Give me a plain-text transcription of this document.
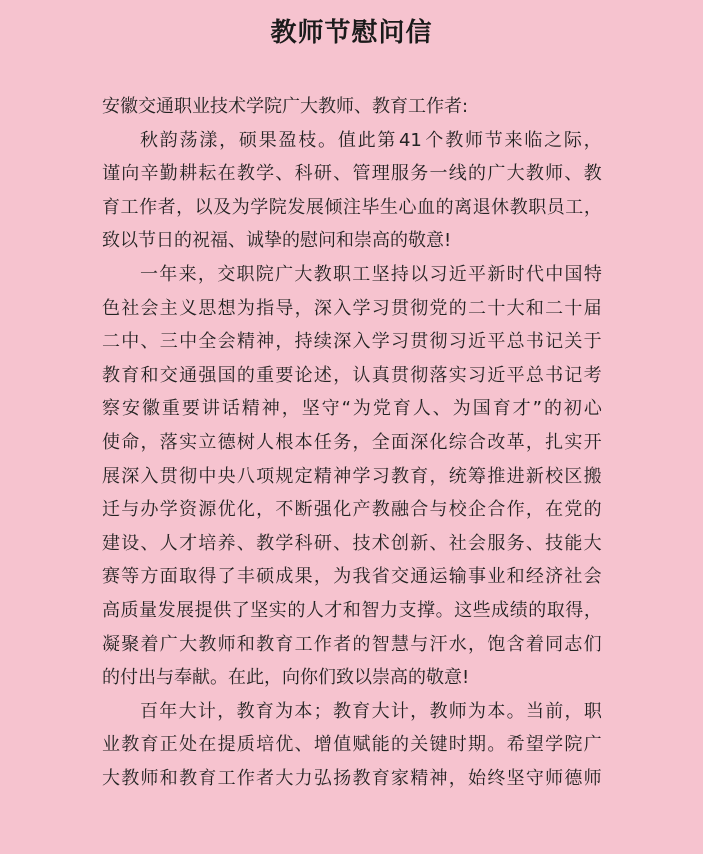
教师节慰问信
安徽交通职业技术学院广大教师、教育工作者:
秋 韵 荡 漾 ， 硕 果 盈 枝 。 值 此 第 41 个 教 师 节 来 临 之 际 ，
谨 向 辛 勤 耕 耘 在 教 学 、 科 研 、 管 理 服 务 一 线 的 广 大 教 师 、 教
育 工 作 者 ， 以 及 为 学 院 发 展 倾 注 毕 生 心 血 的 离 退 休 教 职 员 工 ，
致以节日的祝福、诚挚的慰问和崇高的敬意!
一 年 来 ， 交 职 院 广 大 教 职 工 坚 持 以 习 近 平 新 时 代 中 国 特
色 社 会 主 义 思 想 为 指 导 ， 深 入 学 习 贯 彻 党 的 二 十 大 和 二 十 届
二 中 、 三 中 全 会 精 神 ， 持 续 深 入 学 习 贯 彻 习 近 平 总 书 记 关 于
教 育 和 交 通 强 国 的 重 要 论 述 ， 认 真 贯 彻 落 实 习 近 平 总 书 记 考
察 安 徽 重 要 讲 话 精 神 ， 坚 守 “ 为 党 育 人 、 为 国 育 才 ” 的 初 心
使 命 ， 落 实 立 德 树 人 根 本 任 务 ， 全 面 深 化 综 合 改 革 ， 扎 实 开
展 深 入 贯 彻 中 央 八 项 规 定 精 神 学 习 教 育 ， 统 筹 推 进 新 校 区 搬
迁 与 办 学 资 源 优 化 ， 不 断 强 化 产 教 融 合 与 校 企 合 作 ， 在 党 的
建 设 、 人 才 培 养 、 教 学 科 研 、 技 术 创 新 、 社 会 服 务 、 技 能 大
赛 等 方 面 取 得 了 丰 硕 成 果 ， 为 我 省 交 通 运 输 事 业 和 经 济 社 会
高 质 量 发 展 提 供 了 坚 实 的 人 才 和 智 力 支 撑 。 这 些 成 绩 的 取 得 ，
凝 聚 着 广 大 教 师 和 教 育 工 作 者 的 智 慧 与 汗 水 ， 饱 含 着 同 志 们
的付出与奉献。在此，向你们致以崇高的敬意!
百 年 大 计 ， 教 育 为 本 ； 教 育 大 计 ， 教 师 为 本 。 当 前 ， 职
业 教 育 正 处 在 提 质 培 优 、 增 值 赋 能 的 关 键 时 期 。 希 望 学 院 广
大 教 师 和 教 育 工 作 者 大 力 弘 扬 教 育 家 精 神 ， 始 终 坚 守 师 德 师
